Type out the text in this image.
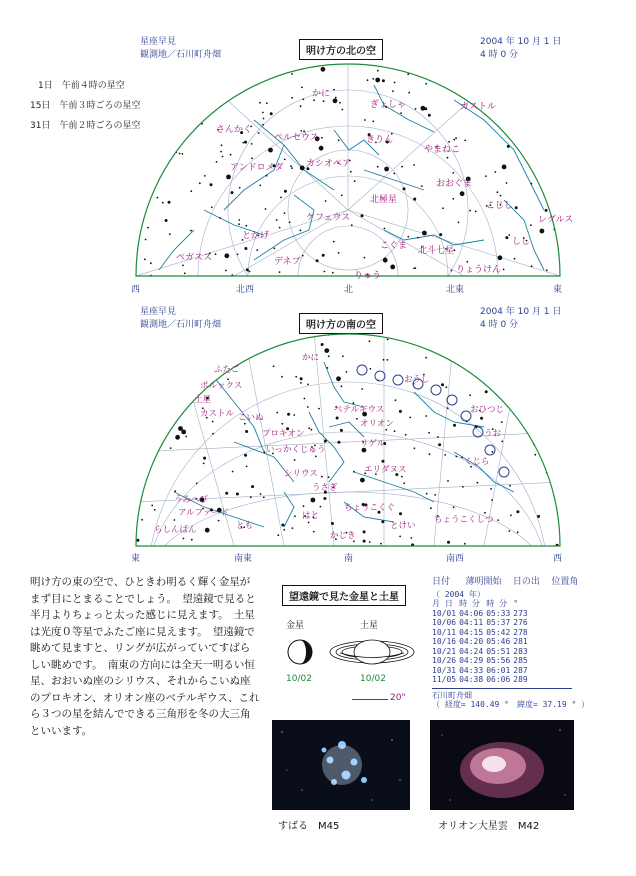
星座早見
観測地／石川町舟畑	明け方の北の空
2004 年 10 月 1 日
4 時 0 分
1日　午前４時の星空
15日　午前３時ごろの星空
31日　午前２時ごろの星空
かに
ぎょしゃ	カストル
さんかく
ペルセウス	きりん
アンドロメダ カシオペア
やまねこ
おおぐま
北極星
ケフェウス
こじし
とかげ
こぐま 北斗七星
しし
ペガスス	デネブ
りゅう
りょうけん
レグルス
西	北西	北	北東	東
星座早見
観測地／石川町舟畑	明け方の南の空
2004 年 10 月 1 日
4 時 0 分
かに
ふたご
おうし
ポルックス
土星
カストル
オリオン
おひつじ
ペテルギウス
プロキオン
こいぬ
リゲル
うお
くじら
いっかくじゅう
エリダヌス
うみへび
シリウス
うさぎ
アルファード
とも
ちょうこくぐ
はと
らしんばん
かじき
ちょうこくしつ
とけい
東	南東	南	南西	西
明け方の東の空で、ひときわ明るく輝く金星がまず目にとまることでしょう。　望遠鏡で見ると半月よりちょっと太った感じに見えます。　土星は光度０等星でふたご座に見えます。　望遠鏡で眺めて見ますと、リングが広がっていてすばらしい眺めです。　南東の方向には全天一明るい恒星、おおいぬ座のシリウス、それからこいぬ座のプロキオン、オリオン座のベテルギウス、これら３つの星を結んでできる三角形を冬の大三角といいます。
望遠鏡で見た金星と土星
金星	土星
10/02	10/02
20"
日付 薄明開始 日の出 位置角
（ 2004 年）
月 日	時 分	時 分	°
10/01	04:06	05:33	273
10/06	04:11	05:37	276
10/11	04:15	05:42	278
10/16	04:20	05:46	281
10/21	04:24	05:51	283
10/26	04:29	05:56	285
10/31	04:33	06:01	287
11/05	04:38	06:06	289
石川町舟畑
（ 経度= 140.49 °　緯度= 37.19 ° ）
すばる　M45	オリオン大星雲　M42
